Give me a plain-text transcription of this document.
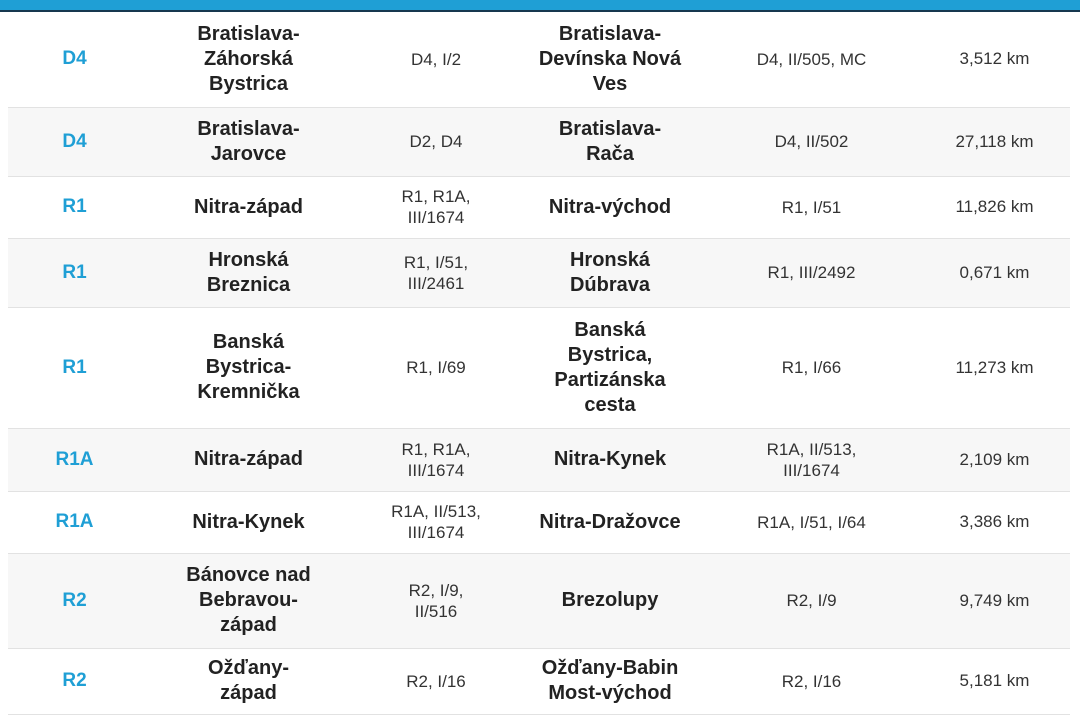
D4	Bratislava-Záhorská Bystrica	D4, I/2	Bratislava-Devínska Nová Ves	D4, II/505, MC	3,512 km
D4	Bratislava-Jarovce	D2, D4	Bratislava-Rača	D4, II/502	27,118 km
R1	Nitra-západ	R1, R1A, III/1674	Nitra-východ	R1, I/51	11,826 km
R1	Hronská Breznica	R1, I/51, III/2461	Hronská Dúbrava	R1, III/2492	0,671 km
R1	Banská Bystrica-Kremnička	R1, I/69	Banská Bystrica, Partizánska cesta	R1, I/66	11,273 km
R1A	Nitra-západ	R1, R1A, III/1674	Nitra-Kynek	R1A, II/513, III/1674	2,109 km
R1A	Nitra-Kynek	R1A, II/513, III/1674	Nitra-Dražovce	R1A, I/51, I/64	3,386 km
R2	Bánovce nad Bebravou-západ	R2, I/9, II/516	Brezolupy	R2, I/9	9,749 km
R2	Ožďany-západ	R2, I/16	Ožďany-Babin Most-východ	R2, I/16	5,181 km
